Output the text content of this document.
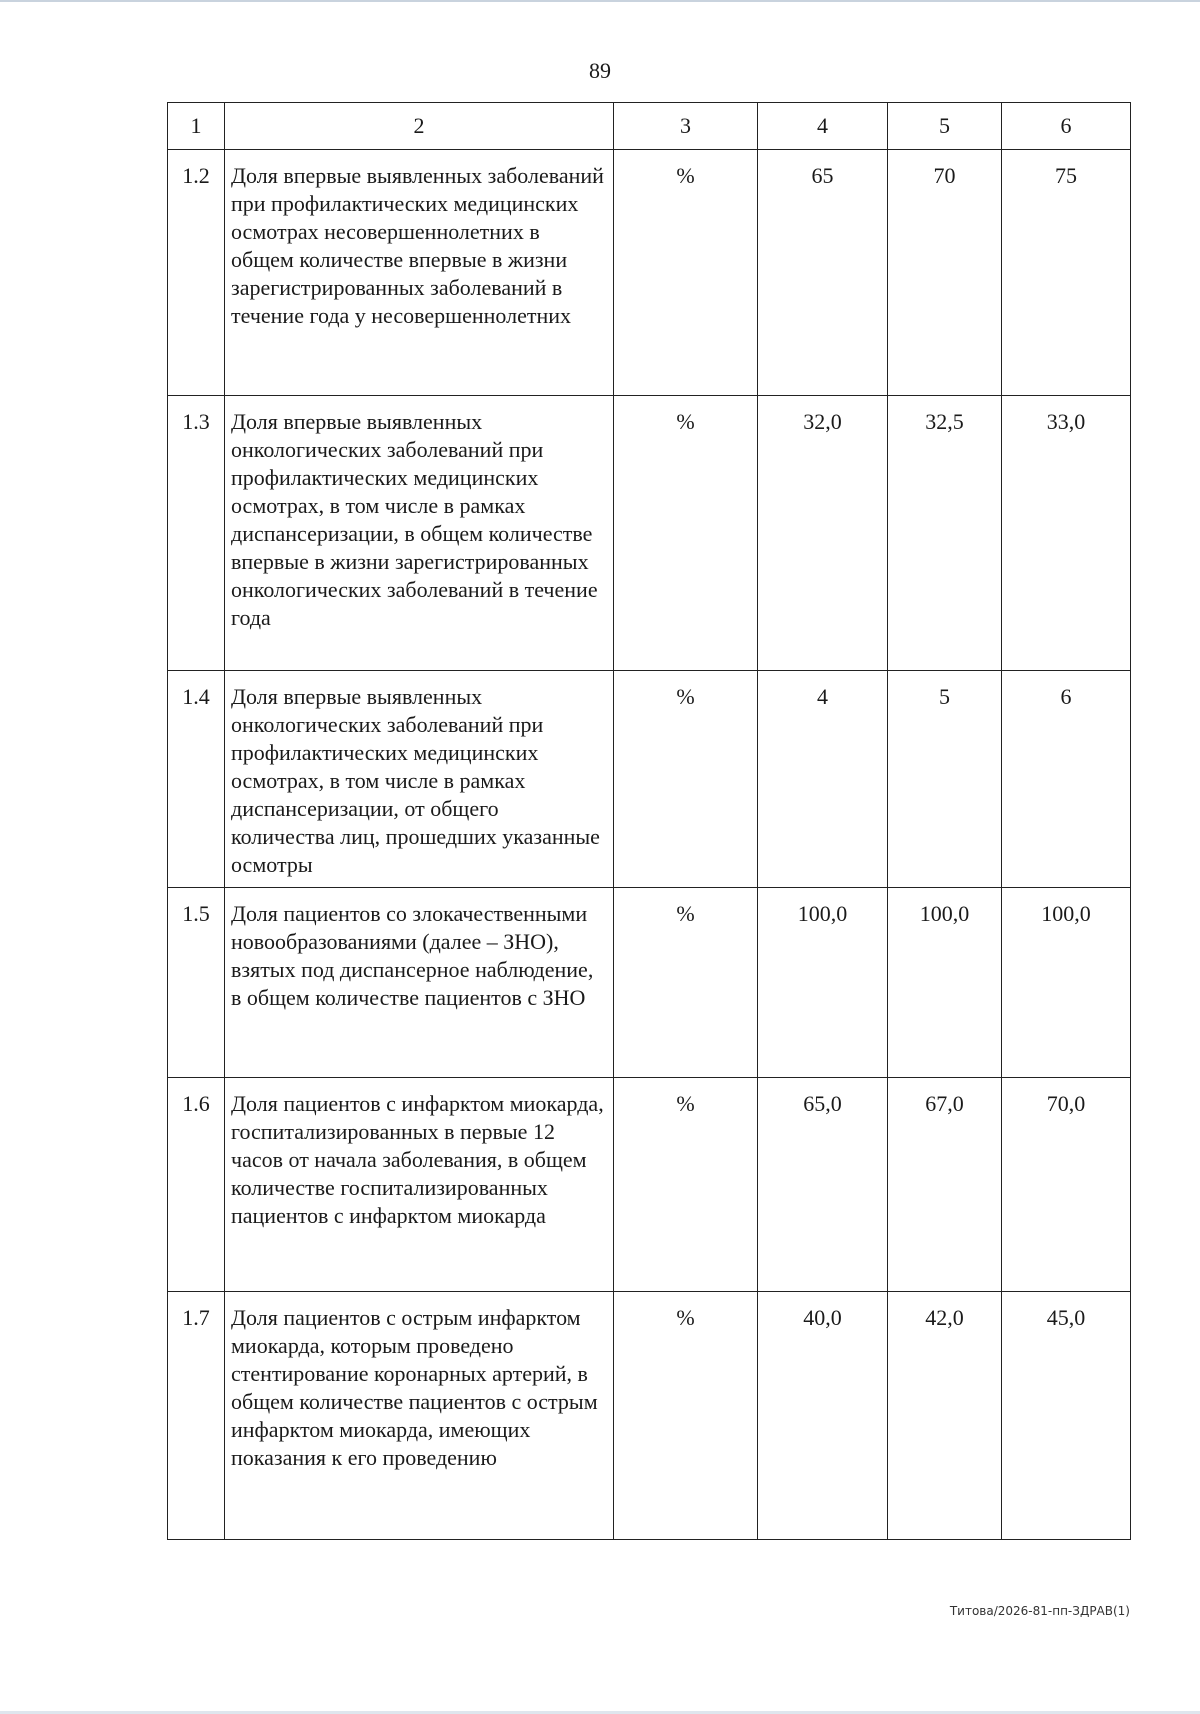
89
1	2	3	4	5	6
1.2	Доля впервые выявленных заболеваний при профилактических медицинских осмотрах несовершеннолетних в общем количестве впервые в жизни зарегистрированных заболеваний в течение года у несовершеннолетних	%	65	70	75
1.3	Доля впервые выявленных онкологических заболеваний при профилактических медицинских осмотрах, в том числе в рамках диспансеризации, в общем количестве впервые в жизни зарегистрированных онкологических заболеваний в течение года	%	32,0	32,5	33,0
1.4	Доля впервые выявленных онкологических заболеваний при профилактических медицинских осмотрах, в том числе в рамках диспансеризации, от общего количества лиц, прошедших указанные осмотры	%	4	5	6
1.5	Доля пациентов со злокачественными новообразованиями (далее – ЗНО), взятых под диспансерное наблюдение, в общем количестве пациентов с ЗНО	%	100,0	100,0	100,0
1.6	Доля пациентов с инфарктом миокарда, госпитализированных в первые 12 часов от начала заболевания, в общем количестве госпитализированных пациентов с инфарктом миокарда	%	65,0	67,0	70,0
1.7	Доля пациентов с острым инфарктом миокарда, которым проведено стентирование коронарных артерий, в общем количестве пациентов с острым инфарктом миокарда, имеющих показания к его проведению	%	40,0	42,0	45,0
Титова/2026-81-пп-ЗДРАВ(1)
